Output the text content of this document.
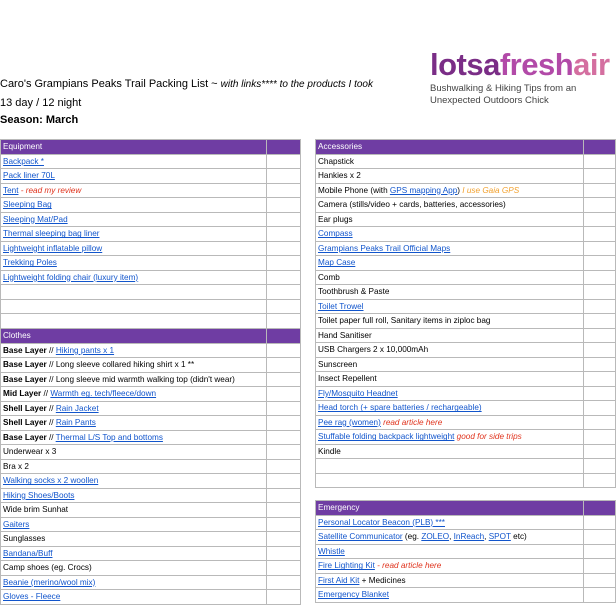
Caro's Grampians Peaks Trail Packing List ~ with links**** to the products I took
13 day / 12 night
Season: March
lotsafreshair
Bushwalking & Hiking Tips from an
Unexpected Outdoors Chick
Equipment	
Backpack *	
Pack liner 70L	
Tent - read my review	
Sleeping Bag	
Sleeping Mat/Pad	
Thermal sleeping bag liner	
Lightweight inflatable pillow	
Trekking Poles	
Lightweight folding chair (luxury item)	

Clothes	
Base Layer // Hiking pants x 1	
Base Layer // Long sleeve collared hiking shirt x 1 **	
Base Layer // Long sleeve mid warmth walking top (didn't wear)	
Mid Layer // Warmth eg. tech/fleece/down	
Shell Layer // Rain Jacket	
Shell Layer // Rain Pants	
Base Layer // Thermal L/S Top and bottoms	
Underwear x 3	
Bra x 2	
Walking socks x 2 woollen	
Hiking Shoes/Boots	
Wide brim Sunhat	
Gaiters	
Sunglasses	
Bandana/Buff	
Camp shoes (eg. Crocs)	
Beanie (merino/wool mix)	
Gloves - Fleece	
Accessories	
Chapstick	
Hankies x 2	
Mobile Phone (with GPS mapping App) I use Gaia GPS	
Camera (stills/video + cards, batteries, accessories)	
Ear plugs	
Compass	
Grampians Peaks Trail Official Maps	
Map Case	
Comb	
Toothbrush & Paste	
Toilet Trowel	
Toilet paper full roll, Sanitary items in ziploc bag	
Hand Sanitiser	
USB Chargers 2 x 10,000mAh	
Sunscreen	
Insect Repellent	
Fly/Mosquito Headnet	
Head torch (+ spare batteries / rechargeable)	
Pee rag (women) read article here	
Stuffable folding backpack lightweight good for side trips	
Kindle	

Emergency	
Personal Locator Beacon (PLB) ***	
Satellite Communicator (eg. ZOLEO, InReach, SPOT etc)	
Whistle	
Fire Lighting Kit - read article here	
First Aid Kit + Medicines	
Emergency Blanket	
